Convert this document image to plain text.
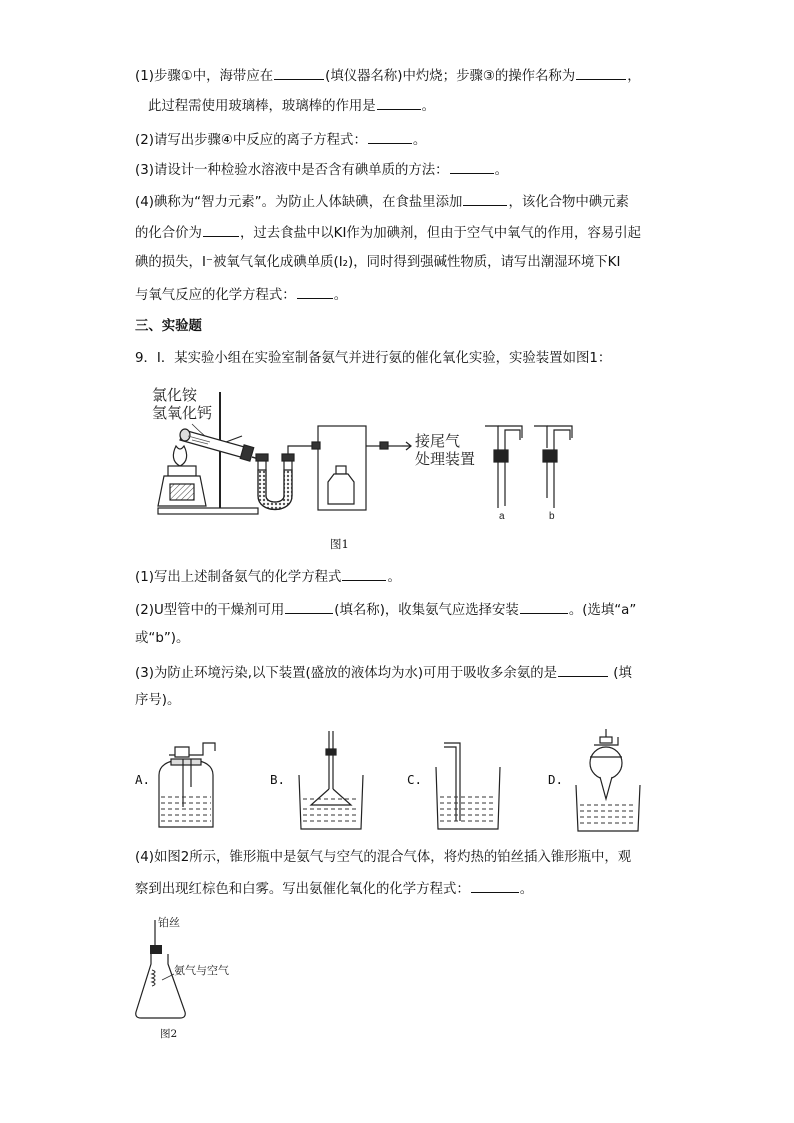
(1)步骤①中，海带应在	(填仪器名称)中灼烧；步骤③的操作名称为	，
此过程需使用玻璃棒，玻璃棒的作用是	。
(2)请写出步骤④中反应的离子方程式：	。
(3)请设计一种检验水溶液中是否含有碘单质的方法：	。
(4)碘称为“智力元素”。为防止人体缺碘，在食盐里添加	，该化合物中碘元素
的化合价为	，过去食盐中以KI作为加碘剂，但由于空气中氧气的作用，容易引起
碘的损失，I⁻被氧气氧化成碘单质(I₂)，同时得到强碱性物质，请写出潮湿环境下KI
与氧气反应的化学方程式：	。
三、实验题
9．Ⅰ．某实验小组在实验室制备氨气并进行氨的催化氧化实验，实验装置如图1：
氯化铵
氢氧化钙
接尾气
处理装置
a	b
图1
(1)写出上述制备氨气的化学方程式	。
(2)U型管中的干燥剂可用	(填名称)，收集氨气应选择安装	。(选填“a”
或“b”)。
(3)为防止环境污染,以下装置(盛放的液体均为水)可用于吸收多余氨的是	(填
序号)。
A.	B.	C.	D.
(4)如图2所示，锥形瓶中是氨气与空气的混合气体，将灼热的铂丝插入锥形瓶中，观
察到出现红棕色和白雾。写出氨催化氧化的化学方程式：	。
铂丝
氨气与空气
图2
